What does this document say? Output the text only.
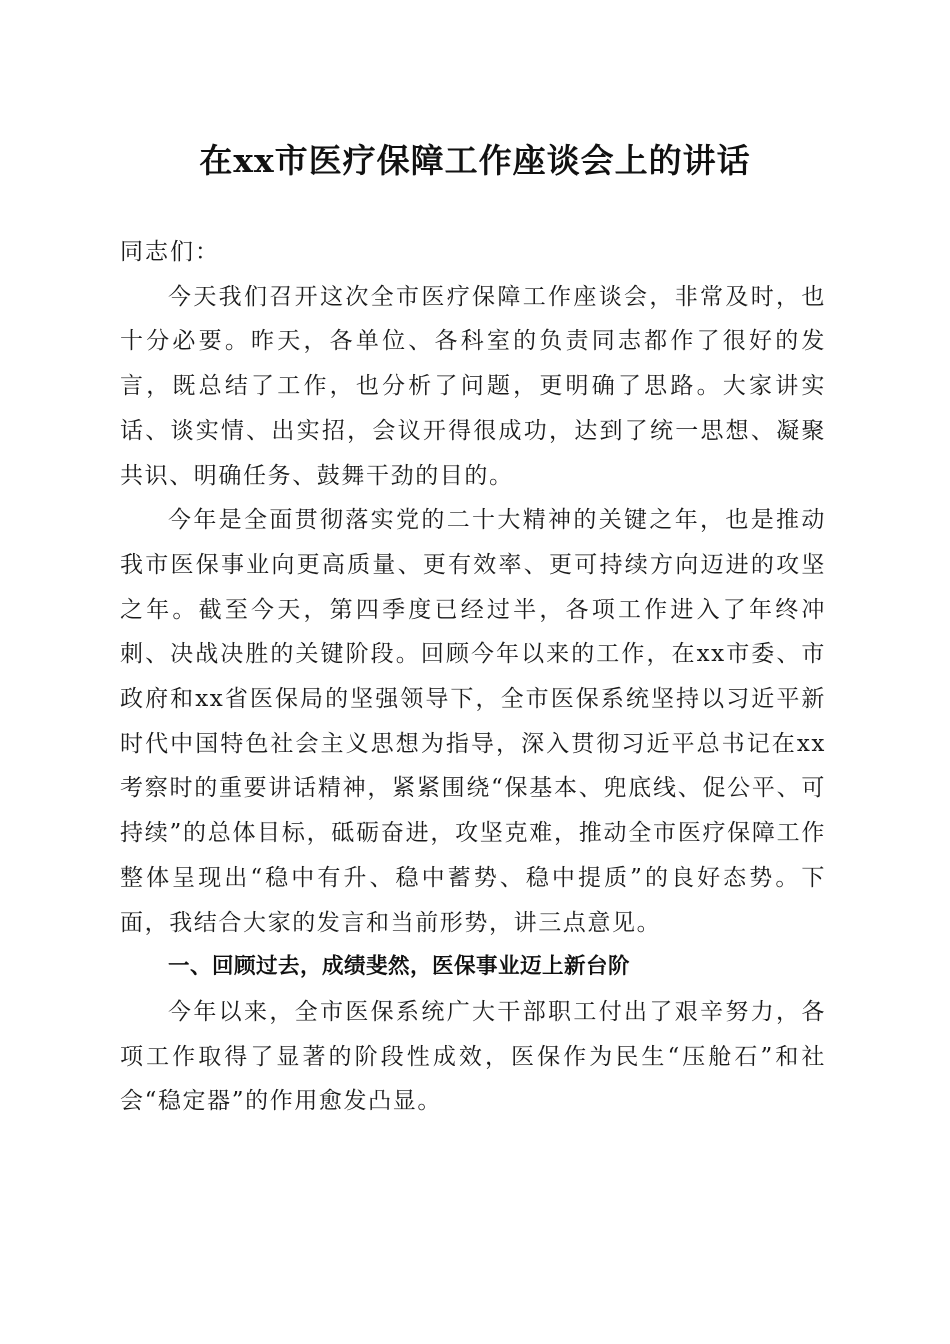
在xx市医疗保障工作座谈会上的讲话

同志们：

今天我们召开这次全市医疗保障工作座谈会，非常及时，也十分必要。昨天，各单位、各科室的负责同志都作了很好的发言，既总结了工作，也分析了问题，更明确了思路。大家讲实话、谈实情、出实招，会议开得很成功，达到了统一思想、凝聚共识、明确任务、鼓舞干劲的目的。

今年是全面贯彻落实党的二十大精神的关键之年，也是推动我市医保事业向更高质量、更有效率、更可持续方向迈进的攻坚之年。截至今天，第四季度已经过半，各项工作进入了年终冲刺、决战决胜的关键阶段。回顾今年以来的工作，在xx市委、市政府和xx省医保局的坚强领导下，全市医保系统坚持以习近平新时代中国特色社会主义思想为指导，深入贯彻习近平总书记在xx考察时的重要讲话精神，紧紧围绕“保基本、兜底线、促公平、可持续”的总体目标，砥砺奋进，攻坚克难，推动全市医疗保障工作整体呈现出“稳中有升、稳中蓄势、稳中提质”的良好态势。下面，我结合大家的发言和当前形势，讲三点意见。

一、回顾过去，成绩斐然，医保事业迈上新台阶

今年以来，全市医保系统广大干部职工付出了艰辛努力，各项工作取得了显著的阶段性成效，医保作为民生“压舱石”和社会“稳定器”的作用愈发凸显。
